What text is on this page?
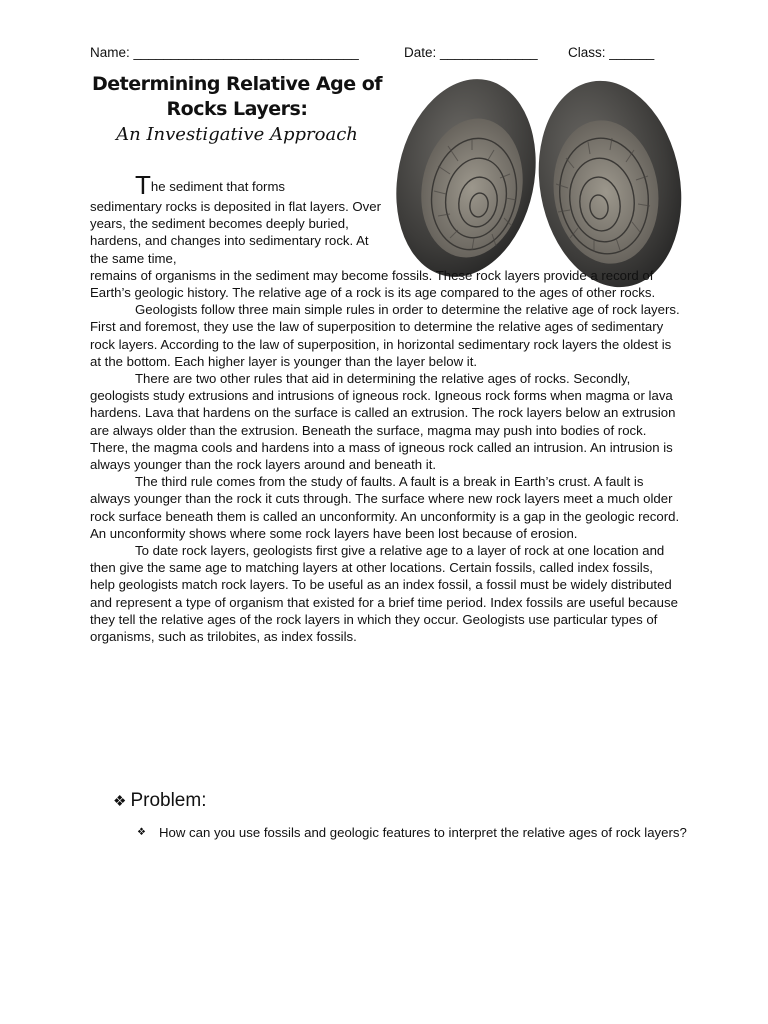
Name: ______________________________	Date: _____________ Class: ______
Determining Relative Age of Rocks Layers:
An Investigative Approach
The sediment that forms

sedimentary rocks is deposited in flat layers. Over years, the sediment becomes deeply buried, hardens, and changes into sedimentary rock. At the same time,

remains of organisms in the sediment may become fossils. These rock layers provide a record of Earth’s geologic history. The relative age of a rock is its age compared to the ages of other rocks.

Geologists follow three main simple rules in order to determine the relative age of rock layers. First and foremost, they use the law of superposition to determine the relative ages of sedimentary rock layers. According to the law of superposition, in horizontal sedimentary rock layers the oldest is at the bottom. Each higher layer is younger than the layer below it.

There are two other rules that aid in determining the relative ages of rocks. Secondly, geologists study extrusions and intrusions of igneous rock. Igneous rock forms when magma or lava hardens. Lava that hardens on the surface is called an extrusion. The rock layers below an extrusion are always older than the extrusion. Beneath the surface, magma may push into bodies of rock. There, the magma cools and hardens into a mass of igneous rock called an intrusion. An intrusion is always younger than the rock layers around and beneath it.

The third rule comes from the study of faults. A fault is a break in Earth’s crust. A fault is always younger than the rock it cuts through. The surface where new rock layers meet a much older rock surface beneath them is called an unconformity. An unconformity is a gap in the geologic record. An unconformity shows where some rock layers have been lost because of erosion.

To date rock layers, geologists first give a relative age to a layer of rock at one location and then give the same age to matching layers at other locations. Certain fossils, called index fossils, help geologists match rock layers. To be useful as an index fossil, a fossil must be widely distributed and represent a type of organism that existed for a brief time period. Index fossils are useful because they tell the relative ages of the rock layers in which they occur. Geologists use particular types of organisms, such as trilobites, as index fossils.

❖ Problem:
❖ How can you use fossils and geologic features to interpret the relative ages of rock layers?
